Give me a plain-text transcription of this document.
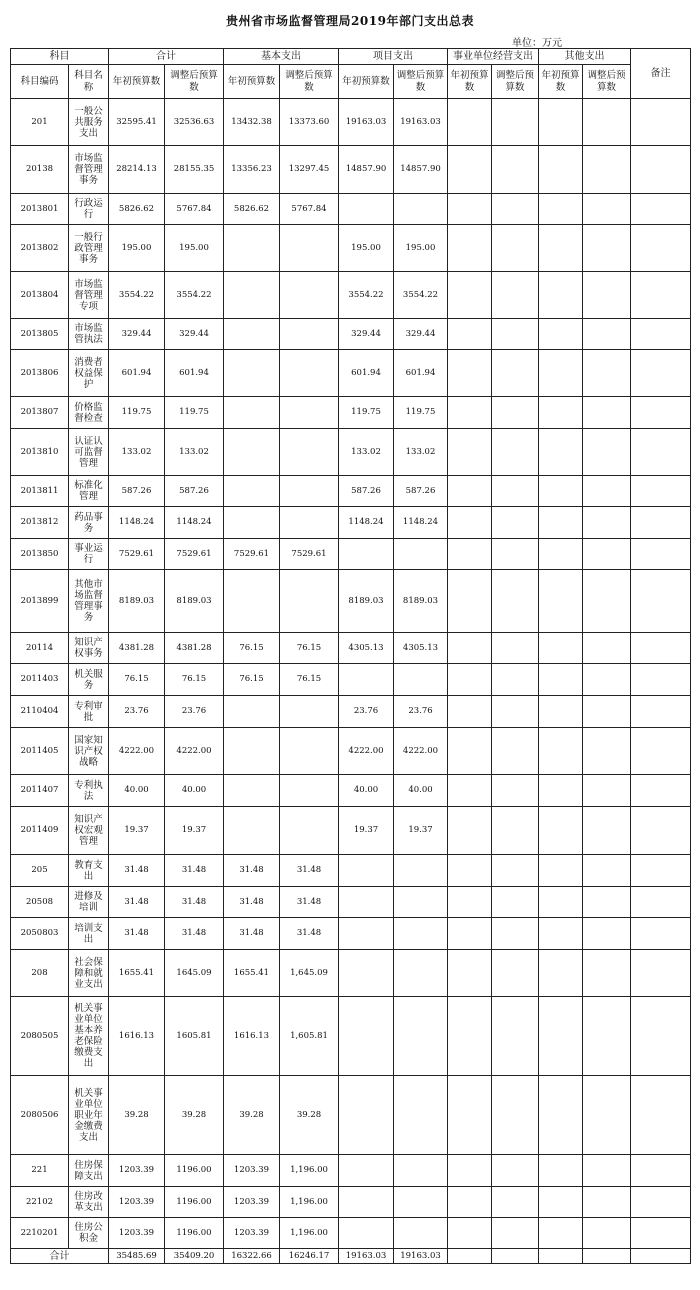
贵州省市场监督管理局2019年部门支出总表
单位：万元
科目		合计		基本支出		项目支出		事业单位经营支出		其他支出		备注
科目编码	科目名称	年初预算数	调整后预算数	年初预算数	调整后预算数	年初预算数	调整后预算数	年初预算数	调整后预算数	年初预算数	调整后预算数	
201	一般公共服务支出	32595.41	32536.63	13432.38	13373.60	19163.03	19163.03					
20138	市场监督管理事务	28214.13	28155.35	13356.23	13297.45	14857.90	14857.90					
2013801	行政运行	5826.62	5767.84	5826.62	5767.84							
2013802	一般行政管理事务	195.00	195.00			195.00	195.00					
2013804	市场监督管理专项	3554.22	3554.22			3554.22	3554.22					
2013805	市场监管执法	329.44	329.44			329.44	329.44					
2013806	消费者权益保护	601.94	601.94			601.94	601.94					
2013807	价格监督检查	119.75	119.75			119.75	119.75					
2013810	认证认可监督管理	133.02	133.02			133.02	133.02					
2013811	标准化管理	587.26	587.26			587.26	587.26					
2013812	药品事务	1148.24	1148.24			1148.24	1148.24					
2013850	事业运行	7529.61	7529.61	7529.61	7529.61							
2013899	其他市场监督管理事务	8189.03	8189.03			8189.03	8189.03					
20114	知识产权事务	4381.28	4381.28	76.15	76.15	4305.13	4305.13					
2011403	机关服务	76.15	76.15	76.15	76.15							
2110404	专利审批	23.76	23.76			23.76	23.76					
2011405	国家知识产权战略	4222.00	4222.00			4222.00	4222.00					
2011407	专利执法	40.00	40.00			40.00	40.00					
2011409	知识产权宏观管理	19.37	19.37			19.37	19.37					
205	教育支出	31.48	31.48	31.48	31.48							
20508	进修及培训	31.48	31.48	31.48	31.48							
2050803	培训支出	31.48	31.48	31.48	31.48							
208	社会保障和就业支出	1655.41	1645.09	1655.41	1,645.09							
2080505	机关事业单位基本养老保险缴费支出	1616.13	1605.81	1616.13	1,605.81							
2080506	机关事业单位职业年金缴费支出	39.28	39.28	39.28	39.28							
221	住房保障支出	1203.39	1196.00	1203.39	1,196.00							
22102	住房改革支出	1203.39	1196.00	1203.39	1,196.00							
2210201	住房公积金	1203.39	1196.00	1203.39	1,196.00							
合计		35485.69	35409.20	16322.66	16246.17	19163.03	19163.03					
